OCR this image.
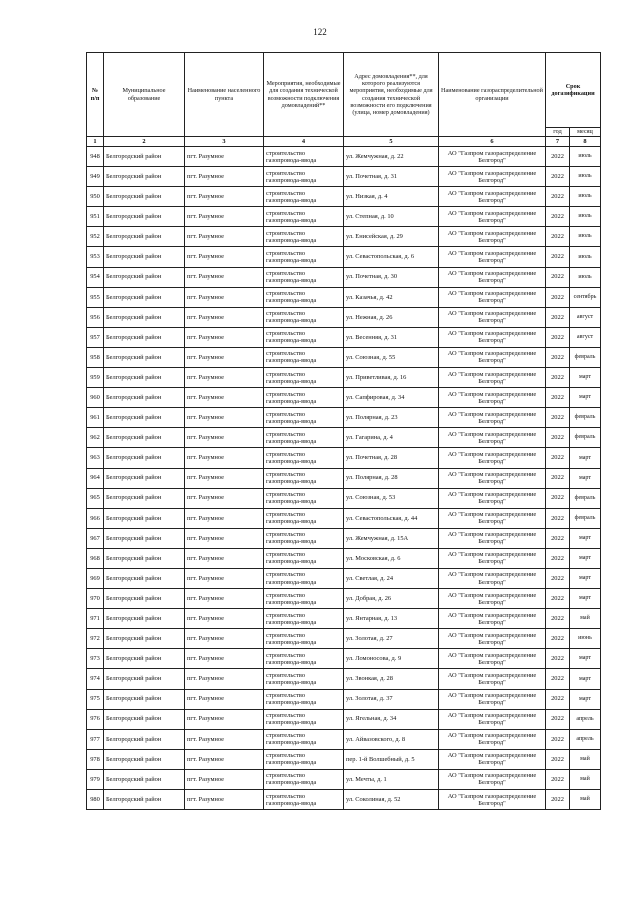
122
№ п/п	Муниципальное образование	Наименование населенного пункта	Мероприятия, необходимые для создания технической возможности подключения домовладений**	Адрес домовладения**, для которого реализуются мероприятия, необходимые для создания технической возможности его подключения (улица, номер домовладения)	Наименование газораспределительной организации	Срок догазификации	
						год	месяц
1	2	3	4	5	6	7	8
948	Белгородский район	пгт. Разумное	строительство газопровода-ввода	ул. Жемчужная, д. 22	АО "Газпром газораспределение Белгород"	2022	июль
949	Белгородский район	пгт. Разумное	строительство газопровода-ввода	ул. Почетная, д. 31	АО "Газпром газораспределение Белгород"	2022	июль
950	Белгородский район	пгт. Разумное	строительство газопровода-ввода	ул. Низкая, д. 4	АО "Газпром газораспределение Белгород"	2022	июль
951	Белгородский район	пгт. Разумное	строительство газопровода-ввода	ул. Степная, д. 10	АО "Газпром газораспределение Белгород"	2022	июль
952	Белгородский район	пгт. Разумное	строительство газопровода-ввода	ул. Енисейская, д. 29	АО "Газпром газораспределение Белгород"	2022	июль
953	Белгородский район	пгт. Разумное	строительство газопровода-ввода	ул. Севастопольская, д. 6	АО "Газпром газораспределение Белгород"	2022	июль
954	Белгородский район	пгт. Разумное	строительство газопровода-ввода	ул. Почетная, д. 30	АО "Газпром газораспределение Белгород"	2022	июль
955	Белгородский район	пгт. Разумное	строительство газопровода-ввода	ул. Казачья, д. 42	АО "Газпром газораспределение Белгород"	2022	сентябрь
956	Белгородский район	пгт. Разумное	строительство газопровода-ввода	ул. Нежная, д. 26	АО "Газпром газораспределение Белгород"	2022	август
957	Белгородский район	пгт. Разумное	строительство газопровода-ввода	ул. Весенняя, д. 31	АО "Газпром газораспределение Белгород"	2022	август
958	Белгородский район	пгт. Разумное	строительство газопровода-ввода	ул. Союзная, д. 55	АО "Газпром газораспределение Белгород"	2022	февраль
959	Белгородский район	пгт. Разумное	строительство газопровода-ввода	ул. Приветливая, д. 16	АО "Газпром газораспределение Белгород"	2022	март
960	Белгородский район	пгт. Разумное	строительство газопровода-ввода	ул. Сапфировая, д. 34	АО "Газпром газораспределение Белгород"	2022	март
961	Белгородский район	пгт. Разумное	строительство газопровода-ввода	ул. Полярная, д. 23	АО "Газпром газораспределение Белгород"	2022	февраль
962	Белгородский район	пгт. Разумное	строительство газопровода-ввода	ул. Гагарина, д. 4	АО "Газпром газораспределение Белгород"	2022	февраль
963	Белгородский район	пгт. Разумное	строительство газопровода-ввода	ул. Почетная, д. 28	АО "Газпром газораспределение Белгород"	2022	март
964	Белгородский район	пгт. Разумное	строительство газопровода-ввода	ул. Полярная, д. 28	АО "Газпром газораспределение Белгород"	2022	март
965	Белгородский район	пгт. Разумное	строительство газопровода-ввода	ул. Союзная, д. 53	АО "Газпром газораспределение Белгород"	2022	февраль
966	Белгородский район	пгт. Разумное	строительство газопровода-ввода	ул. Севастопольская, д. 44	АО "Газпром газораспределение Белгород"	2022	февраль
967	Белгородский район	пгт. Разумное	строительство газопровода-ввода	ул. Жемчужная, д. 15А	АО "Газпром газораспределение Белгород"	2022	март
968	Белгородский район	пгт. Разумное	строительство газопровода-ввода	ул. Московская, д. 6	АО "Газпром газораспределение Белгород"	2022	март
969	Белгородский район	пгт. Разумное	строительство газопровода-ввода	ул. Светлая, д. 24	АО "Газпром газораспределение Белгород"	2022	март
970	Белгородский район	пгт. Разумное	строительство газопровода-ввода	ул. Добрая, д. 26	АО "Газпром газораспределение Белгород"	2022	март
971	Белгородский район	пгт. Разумное	строительство газопровода-ввода	ул. Янтарная, д. 13	АО "Газпром газораспределение Белгород"	2022	май
972	Белгородский район	пгт. Разумное	строительство газопровода-ввода	ул. Золотая, д. 27	АО "Газпром газораспределение Белгород"	2022	июнь
973	Белгородский район	пгт. Разумное	строительство газопровода-ввода	ул. Ломоносова, д. 9	АО "Газпром газораспределение Белгород"	2022	март
974	Белгородский район	пгт. Разумное	строительство газопровода-ввода	ул. Звонкая, д. 28	АО "Газпром газораспределение Белгород"	2022	март
975	Белгородский район	пгт. Разумное	строительство газопровода-ввода	ул. Золотая, д. 37	АО "Газпром газораспределение Белгород"	2022	март
976	Белгородский район	пгт. Разумное	строительство газопровода-ввода	ул. Ягельная, д. 34	АО "Газпром газораспределение Белгород"	2022	апрель
977	Белгородский район	пгт. Разумное	строительство газопровода-ввода	ул. Айвазовского, д. 8	АО "Газпром газораспределение Белгород"	2022	апрель
978	Белгородский район	пгт. Разумное	строительство газопровода-ввода	пер. 1-й Волшебный, д. 5	АО "Газпром газораспределение Белгород"	2022	май
979	Белгородский район	пгт. Разумное	строительство газопровода-ввода	ул. Мечты, д. 1	АО "Газпром газораспределение Белгород"	2022	май
980	Белгородский район	пгт. Разумное	строительство газопровода-ввода	ул. Соколиная, д. 52	АО "Газпром газораспределение Белгород"	2022	май
